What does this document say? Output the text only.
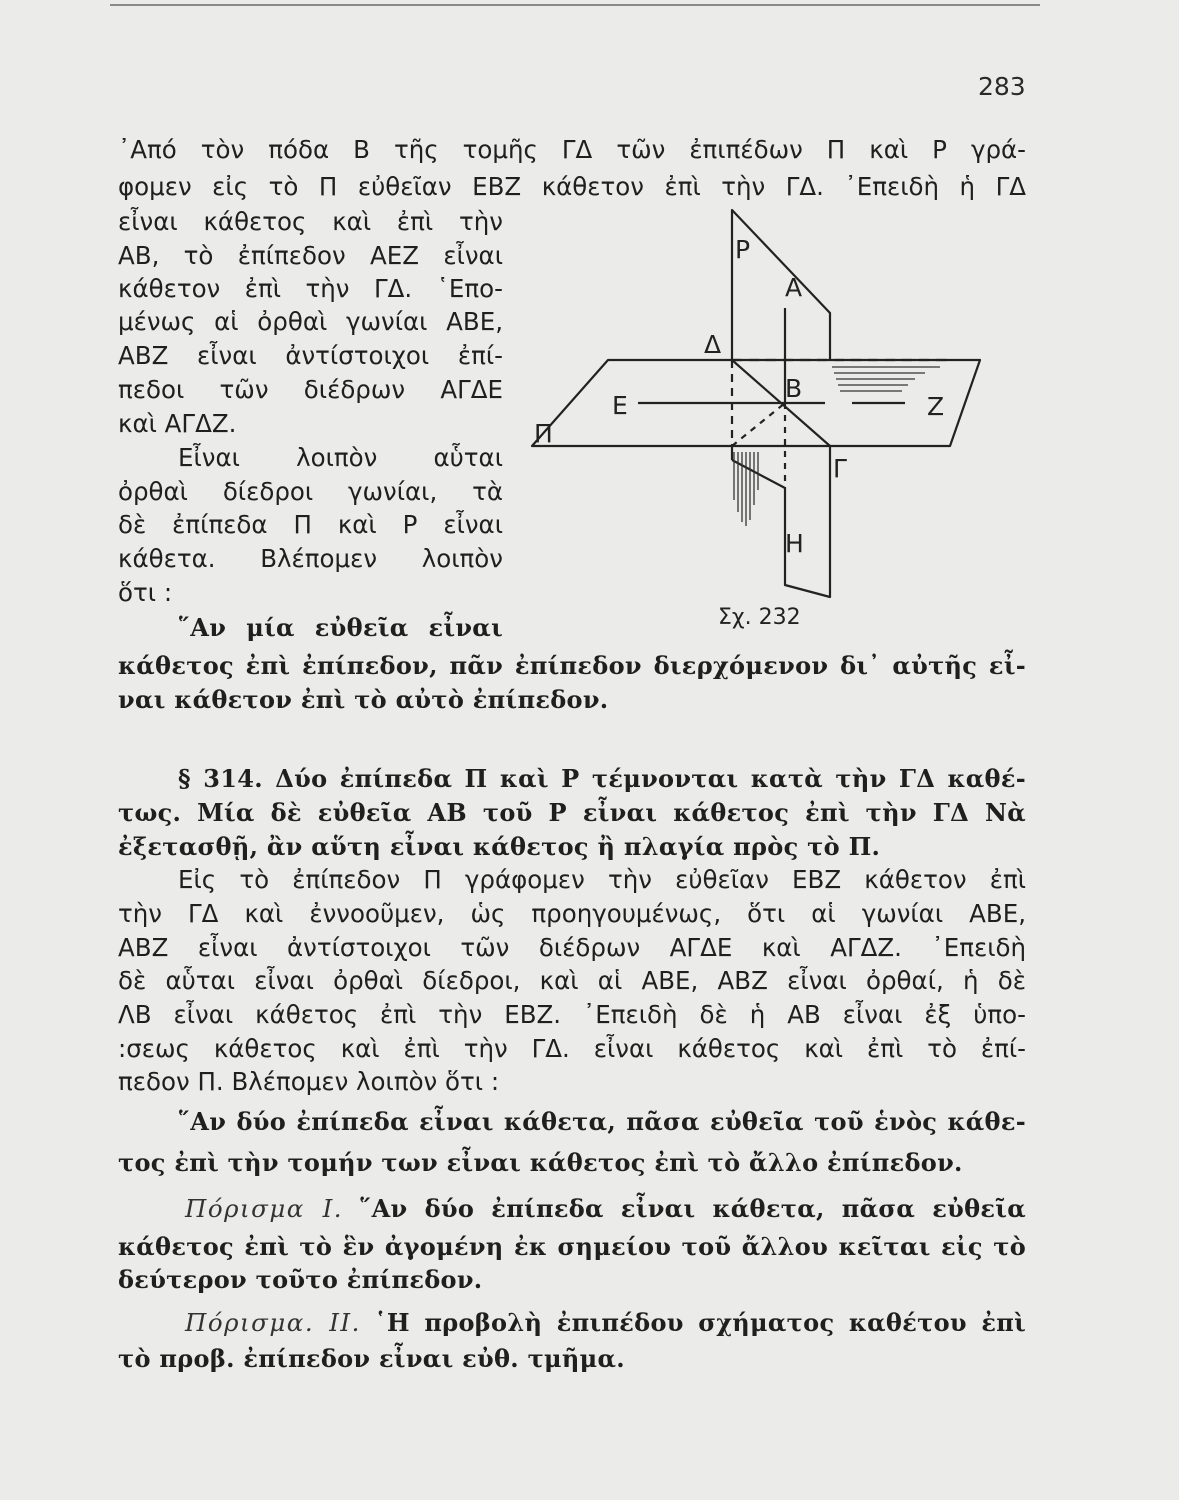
283
᾿Από τὸν πόδα Β τῆς τομῆς ΓΔ τῶν ἐπιπέδων Π καὶ Ρ γρά-
φομεν εἰς τὸ Π εὐθεῖαν ΕΒΖ κάθετον ἐπὶ τὴν ΓΔ. ᾿Επειδὴ ἡ ΓΔ
εἶναι κάθετος καὶ ἐπὶ τὴν
ΑΒ, τὸ ἐπίπεδον ΑΕΖ εἶναι
κάθετον ἐπὶ τὴν ΓΔ. ῾Επο-
μένως αἱ ὀρθαὶ γωνίαι ΑΒΕ,
ΑΒΖ εἶναι ἀντίστοιχοι ἐπί-
πεδοι τῶν διέδρων ΑΓΔΕ
καὶ ΑΓΔΖ.
Εἶναι λοιπὸν αὗται
ὀρθαὶ δίεδροι γωνίαι, τὰ
δὲ ἐπίπεδα Π καὶ Ρ εἶναι
κάθετα. Βλέπομεν λοιπὸν
ὅτι :
῞Αν μία εὐθεῖα εἶναι
κάθετος ἐπὶ ἐπίπεδον, πᾶν ἐπίπεδον διερχόμενον δι᾿ αὐτῆς εἶ-
ναι κάθετον ἐπὶ τὸ αὐτὸ ἐπίπεδον.
§ 314. Δύο ἐπίπεδα Π καὶ Ρ τέμνονται κατὰ τὴν ΓΔ καθέ-
τως. Μία δὲ εὐθεῖα ΑΒ τοῦ Ρ εἶναι κάθετος ἐπὶ τὴν ΓΔ Νὰ
ἐξετασθῇ, ἂν αὕτη εἶναι κάθετος ἢ πλαγία πρὸς τὸ Π.
Εἰς τὸ ἐπίπεδον Π γράφομεν τὴν εὐθεῖαν ΕΒΖ κάθετον ἐπὶ
τὴν ΓΔ καὶ ἐννοοῦμεν, ὡς προηγουμένως, ὅτι αἱ γωνίαι ΑΒΕ,
ΑΒΖ εἶναι ἀντίστοιχοι τῶν διέδρων ΑΓΔΕ καὶ ΑΓΔΖ. ᾿Επειδὴ
δὲ αὗται εἶναι ὀρθαὶ δίεδροι, καὶ αἱ ΑΒΕ, ΑΒΖ εἶναι ὀρθαί, ἡ δὲ
ΛΒ εἶναι κάθετος ἐπὶ τὴν ΕΒΖ. ᾿Επειδὴ δὲ ἡ ΑΒ εἶναι ἐξ ὑπο-
:σεως κάθετος καὶ ἐπὶ τὴν ΓΔ. εἶναι κάθετος καὶ ἐπὶ τὸ ἐπί-
πεδον Π. Βλέπομεν λοιπὸν ὅτι :
῞Αν δύο ἐπίπεδα εἶναι κάθετα, πᾶσα εὐθεῖα τοῦ ἑνὸς κάθε-
τος ἐπὶ τὴν τομήν των εἶναι κάθετος ἐπὶ τὸ ἄλλο ἐπίπεδον.
Πόρισμα Ι. ῞Αν δύο ἐπίπεδα εἶναι κάθετα, πᾶσα εὐθεῖα
κάθετος ἐπὶ τὸ ἓν ἀγομένη ἐκ σημείου τοῦ ἄλλου κεῖται εἰς τὸ
δεύτερον τοῦτο ἐπίπεδον.
Πόρισμα. ΙΙ. ῾Η προβολὴ ἐπιπέδου σχήματος καθέτου ἐπὶ
τὸ προβ. ἐπίπεδον εἶναι εὐθ. τμῆμα.
Ρ
Α
Δ
Β
Ε	Ζ
Π
Γ
Η
Σχ. 232
